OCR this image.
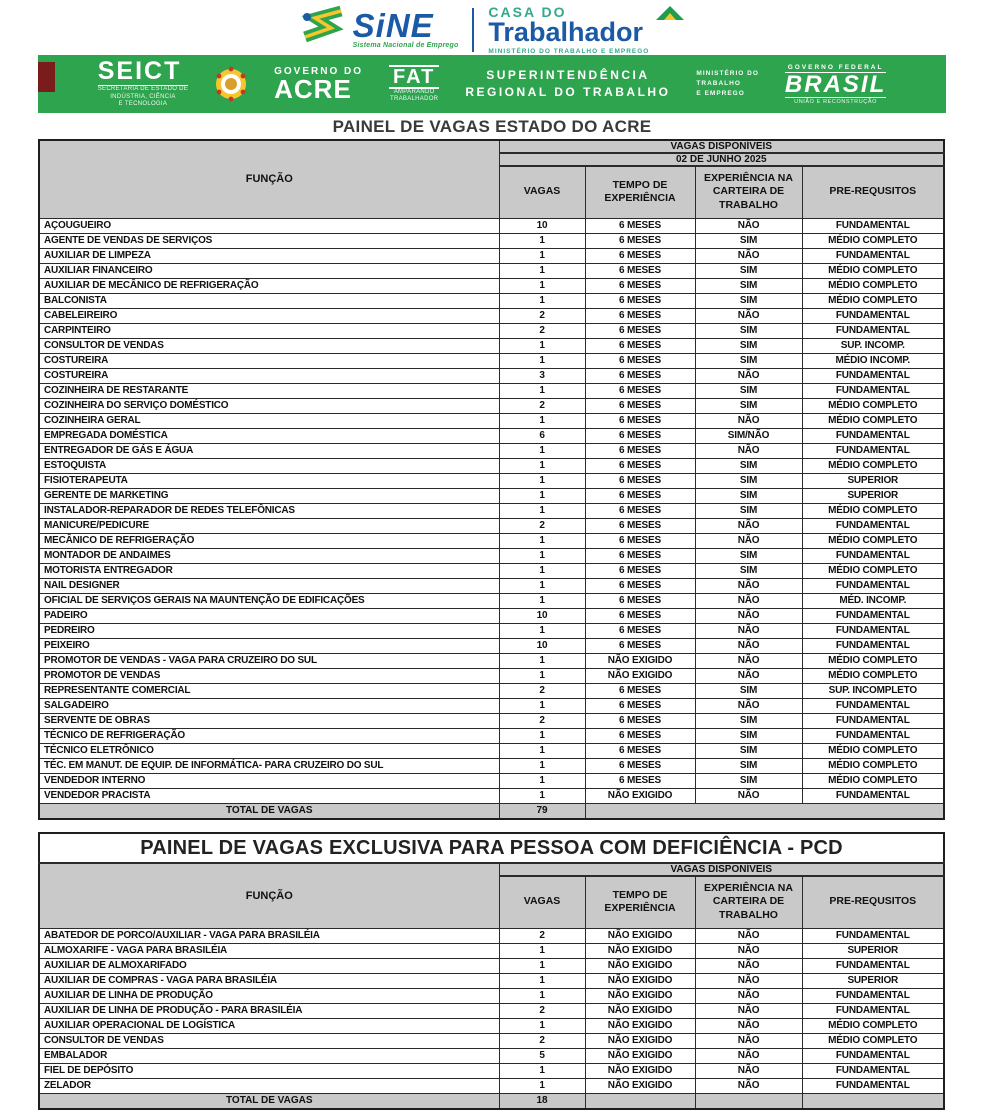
SiNE
Sistema Nacional de Emprego
CASA DO
Trabalhador
MINISTÉRIO DO TRABALHO E EMPREGO
SEICT
SECRETARIA DE ESTADO DE
INDÚSTRIA, CIÊNCIA
E TECNOLOGIA
GOVERNO DO
ACRE	FAT
AMPARANDO
TRABALHADOR
SUPERINTENDÊNCIA
REGIONAL DO TRABALHO
MINISTÉRIO DO
TRABALHO
E EMPREGO
GOVERNO FEDERAL
BRASIL
UNIÃO E RECONSTRUÇÃO
PAINEL DE VAGAS ESTADO DO ACRE
FUNÇÃO	VAGAS DISPONÍVEIS			
	02 DE JUNHO 2025			
	VAGAS	TEMPO DE EXPERIÊNCIA	EXPERIÊNCIA NA CARTEIRA DE TRABALHO	PRE-REQUSITOS
AÇOUGUEIRO	10	6 MESES	NÃO	FUNDAMENTAL
AGENTE DE VENDAS DE SERVIÇOS	1	6 MESES	SIM	MÉDIO COMPLETO
AUXILIAR DE LIMPEZA	1	6 MESES	NÃO	FUNDAMENTAL
AUXILIAR FINANCEIRO	1	6 MESES	SIM	MÉDIO COMPLETO
AUXILIAR DE MECÂNICO DE REFRIGERAÇÃO	1	6 MESES	SIM	MÉDIO COMPLETO
BALCONISTA	1	6 MESES	SIM	MÉDIO COMPLETO
CABELEIREIRO	2	6 MESES	NÃO	FUNDAMENTAL
CARPINTEIRO	2	6 MESES	SIM	FUNDAMENTAL
CONSULTOR DE VENDAS	1	6 MESES	SIM	SUP. INCOMP.
COSTUREIRA	1	6 MESES	SIM	MÉDIO INCOMP.
COSTUREIRA	3	6 MESES	NÃO	FUNDAMENTAL
COZINHEIRA DE RESTARANTE	1	6 MESES	SIM	FUNDAMENTAL
COZINHEIRA DO SERVIÇO DOMÉSTICO	2	6 MESES	SIM	MÉDIO COMPLETO
COZINHEIRA GERAL	1	6 MESES	NÃO	MÉDIO COMPLETO
EMPREGADA DOMÉSTICA	6	6 MESES	SIM/NÃO	FUNDAMENTAL
ENTREGADOR DE GÁS E ÁGUA	1	6 MESES	NÃO	FUNDAMENTAL
ESTOQUISTA	1	6 MESES	SIM	MÉDIO COMPLETO
FISIOTERAPEUTA	1	6 MESES	SIM	SUPERIOR
GERENTE DE MARKETING	1	6 MESES	SIM	SUPERIOR
INSTALADOR-REPARADOR DE REDES TELEFÔNICAS	1	6 MESES	SIM	MÉDIO COMPLETO
MANICURE/PEDICURE	2	6 MESES	NÃO	FUNDAMENTAL
MECÂNICO DE REFRIGERAÇÃO	1	6 MESES	NÃO	MÉDIO COMPLETO
MONTADOR DE ANDAIMES	1	6 MESES	SIM	FUNDAMENTAL
MOTORISTA ENTREGADOR	1	6 MESES	SIM	MÉDIO COMPLETO
NAIL DESIGNER	1	6 MESES	NÃO	FUNDAMENTAL
OFICIAL DE SERVIÇOS GERAIS NA MAUNTENÇÃO DE EDIFICAÇÕES	1	6 MESES	NÃO	MÉD. INCOMP.
PADEIRO	10	6 MESES	NÃO	FUNDAMENTAL
PEDREIRO	1	6 MESES	NÃO	FUNDAMENTAL
PEIXEIRO	10	6 MESES	NÃO	FUNDAMENTAL
PROMOTOR DE VENDAS - VAGA PARA CRUZEIRO DO SUL	1	NÃO EXIGIDO	NÃO	MÉDIO COMPLETO
PROMOTOR DE VENDAS	1	NÃO EXIGIDO	NÃO	MÉDIO COMPLETO
REPRESENTANTE COMERCIAL	2	6 MESES	SIM	SUP. INCOMPLETO
SALGADEIRO	1	6 MESES	NÃO	FUNDAMENTAL
SERVENTE DE OBRAS	2	6 MESES	SIM	FUNDAMENTAL
TÉCNICO DE REFRIGERAÇÃO	1	6 MESES	SIM	FUNDAMENTAL
TÉCNICO ELETRÔNICO	1	6 MESES	SIM	MÉDIO COMPLETO
TÉC. EM MANUT. DE EQUIP. DE INFORMÁTICA- PARA CRUZEIRO DO SUL	1	6 MESES	SIM	MÉDIO COMPLETO
VENDEDOR INTERNO	1	6 MESES	SIM	MÉDIO COMPLETO
VENDEDOR PRACISTA	1	NÃO EXIGIDO	NÃO	FUNDAMENTAL
TOTAL DE VAGAS	79			
PAINEL DE VAGAS EXCLUSIVA PARA PESSOA COM DEFICIÊNCIA - PCD				
FUNÇÃO	VAGAS DISPONÍVEIS			
	VAGAS	TEMPO DE EXPERIÊNCIA	EXPERIÊNCIA NA CARTEIRA DE TRABALHO	PRE-REQUSITOS
ABATEDOR DE PORCO/AUXILIAR - VAGA PARA BRASILÉIA	2	NÃO EXIGIDO	NÃO	FUNDAMENTAL
ALMOXARIFE - VAGA PARA BRASILÉIA	1	NÃO EXIGIDO	NÃO	SUPERIOR
AUXILIAR DE ALMOXARIFADO	1	NÃO EXIGIDO	NÃO	FUNDAMENTAL
AUXILIAR DE COMPRAS - VAGA PARA BRASILÉIA	1	NÃO EXIGIDO	NÃO	SUPERIOR
AUXILIAR DE LINHA DE PRODUÇÃO	1	NÃO EXIGIDO	NÃO	FUNDAMENTAL
AUXILIAR DE LINHA DE PRODUÇÃO - PARA BRASILÉIA	2	NÃO EXIGIDO	NÃO	FUNDAMENTAL
AUXILIAR OPERACIONAL DE LOGÍSTICA	1	NÃO EXIGIDO	NÃO	MÉDIO COMPLETO
CONSULTOR DE VENDAS	2	NÃO EXIGIDO	NÃO	MÉDIO COMPLETO
EMBALADOR	5	NÃO EXIGIDO	NÃO	FUNDAMENTAL
FIEL DE DEPÓSITO	1	NÃO EXIGIDO	NÃO	FUNDAMENTAL
ZELADOR	1	NÃO EXIGIDO	NÃO	FUNDAMENTAL
TOTAL DE VAGAS	18			
